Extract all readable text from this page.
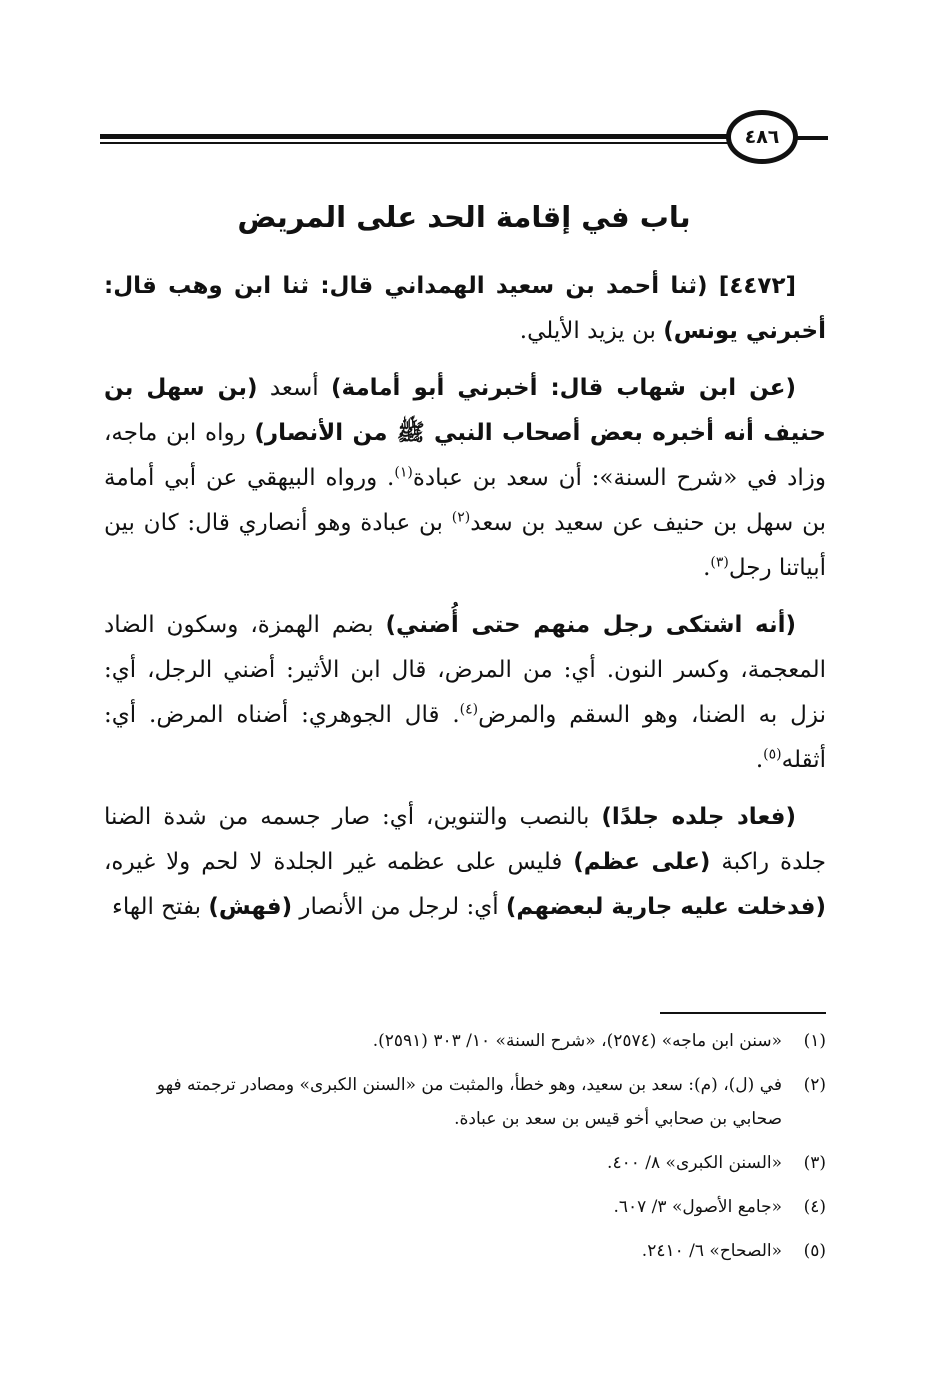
٤٨٦
باب في إقامة الحد على المريض

[٤٤٧٢] (ثنا أحمد بن سعيد الهمداني قال: ثنا ابن وهب قال: أخبرني يونس) بن يزيد الأيلي.

(عن ابن شهاب قال: أخبرني أبو أمامة) أسعد (بن سهل بن حنيف أنه أخبره بعض أصحاب النبي ﷺ من الأنصار) رواه ابن ماجه، وزاد في «شرح السنة»: أن سعد بن عبادة$^{(١)}$. ورواه البيهقي عن أبي أمامة بن سهل بن حنيف عن سعيد بن سعد$^{(٢)}$ بن عبادة وهو أنصاري قال: كان بين أبياتنا رجل$^{(٣)}$.

(أنه اشتكى رجل منهم حتى أُضني) بضم الهمزة، وسكون الضاد المعجمة، وكسر النون. أي: من المرض، قال ابن الأثير: أضني الرجل، أي: نزل به الضنا، وهو السقم والمرض$^{(٤)}$. قال الجوهري: أضناه المرض. أي: أثقله$^{(٥)}$.

(فعاد جلده جلدًا) بالنصب والتنوين، أي: صار جسمه من شدة الضنا جلدة راكبة (على عظم) فليس على عظمه غير الجلدة لا لحم ولا غيره، (فدخلت عليه جارية لبعضهم) أي: لرجل من الأنصار (فهش) بفتح الهاء

(١)
«سنن ابن ماجه» (٢٥٧٤)، «شرح السنة» ١٠/ ٣٠٣ (٢٥٩١).
(٢)
في (ل)، (م): سعد بن سعيد، وهو خطأ، والمثبت من «السنن الكبرى» ومصادر ترجمته فهو صحابي بن صحابي أخو قيس بن سعد بن عبادة.
(٣)
«السنن الكبرى» ٨/ ٤٠٠.
(٤)
«جامع الأصول» ٣/ ٦٠٧.
(٥)
«الصحاح» ٦/ ٢٤١٠.
